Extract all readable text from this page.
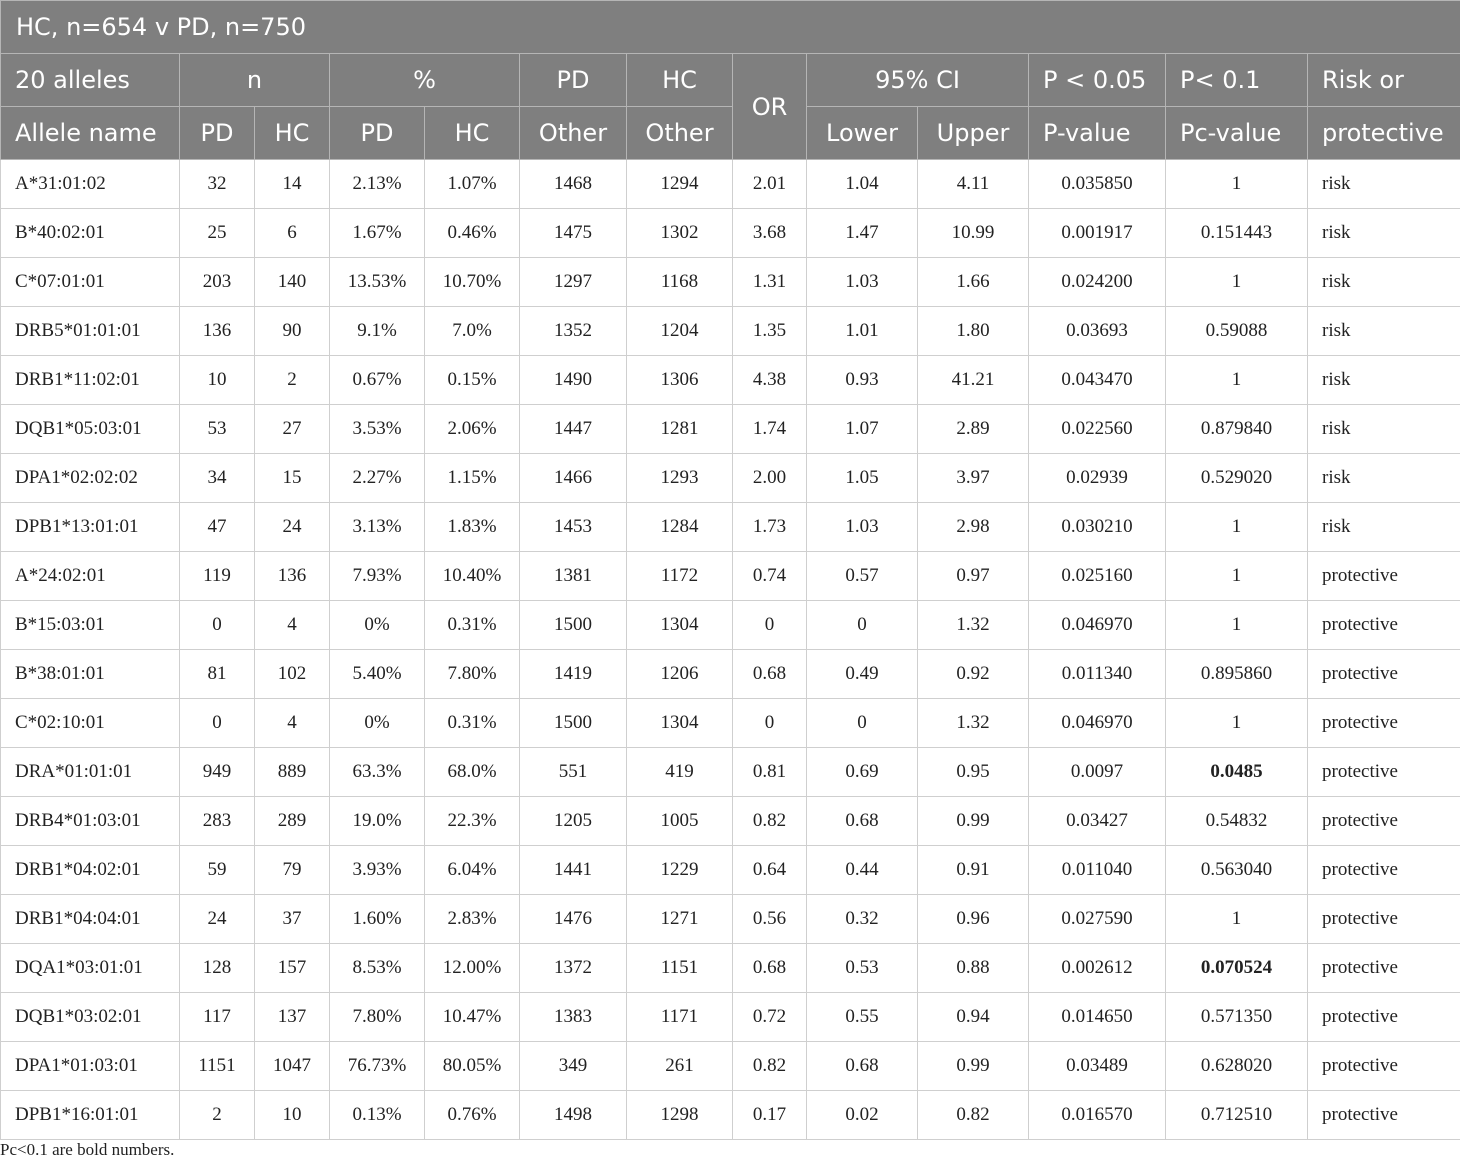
HC, n=654 v PD, n=750												
20 alleles	n		%		PD	HC	OR	95% CI		P < 0.05	P< 0.1	Risk or
Allele name	PD	HC	PD	HC	Other	Other		Lower	Upper	P-value	Pc-value	protective
A*31:01:02	32	14	2.13%	1.07%	1468	1294	2.01	1.04	4.11	0.035850	1	risk
B*40:02:01	25	6	1.67%	0.46%	1475	1302	3.68	1.47	10.99	0.001917	0.151443	risk
C*07:01:01	203	140	13.53%	10.70%	1297	1168	1.31	1.03	1.66	0.024200	1	risk
DRB5*01:01:01	136	90	9.1%	7.0%	1352	1204	1.35	1.01	1.80	0.03693	0.59088	risk
DRB1*11:02:01	10	2	0.67%	0.15%	1490	1306	4.38	0.93	41.21	0.043470	1	risk
DQB1*05:03:01	53	27	3.53%	2.06%	1447	1281	1.74	1.07	2.89	0.022560	0.879840	risk
DPA1*02:02:02	34	15	2.27%	1.15%	1466	1293	2.00	1.05	3.97	0.02939	0.529020	risk
DPB1*13:01:01	47	24	3.13%	1.83%	1453	1284	1.73	1.03	2.98	0.030210	1	risk
A*24:02:01	119	136	7.93%	10.40%	1381	1172	0.74	0.57	0.97	0.025160	1	protective
B*15:03:01	0	4	0%	0.31%	1500	1304	0	0	1.32	0.046970	1	protective
B*38:01:01	81	102	5.40%	7.80%	1419	1206	0.68	0.49	0.92	0.011340	0.895860	protective
C*02:10:01	0	4	0%	0.31%	1500	1304	0	0	1.32	0.046970	1	protective
DRA*01:01:01	949	889	63.3%	68.0%	551	419	0.81	0.69	0.95	0.0097	0.0485	protective
DRB4*01:03:01	283	289	19.0%	22.3%	1205	1005	0.82	0.68	0.99	0.03427	0.54832	protective
DRB1*04:02:01	59	79	3.93%	6.04%	1441	1229	0.64	0.44	0.91	0.011040	0.563040	protective
DRB1*04:04:01	24	37	1.60%	2.83%	1476	1271	0.56	0.32	0.96	0.027590	1	protective
DQA1*03:01:01	128	157	8.53%	12.00%	1372	1151	0.68	0.53	0.88	0.002612	0.070524	protective
DQB1*03:02:01	117	137	7.80%	10.47%	1383	1171	0.72	0.55	0.94	0.014650	0.571350	protective
DPA1*01:03:01	1151	1047	76.73%	80.05%	349	261	0.82	0.68	0.99	0.03489	0.628020	protective
DPB1*16:01:01	2	10	0.13%	0.76%	1498	1298	0.17	0.02	0.82	0.016570	0.712510	protective
Pc<0.1 are bold numbers.
